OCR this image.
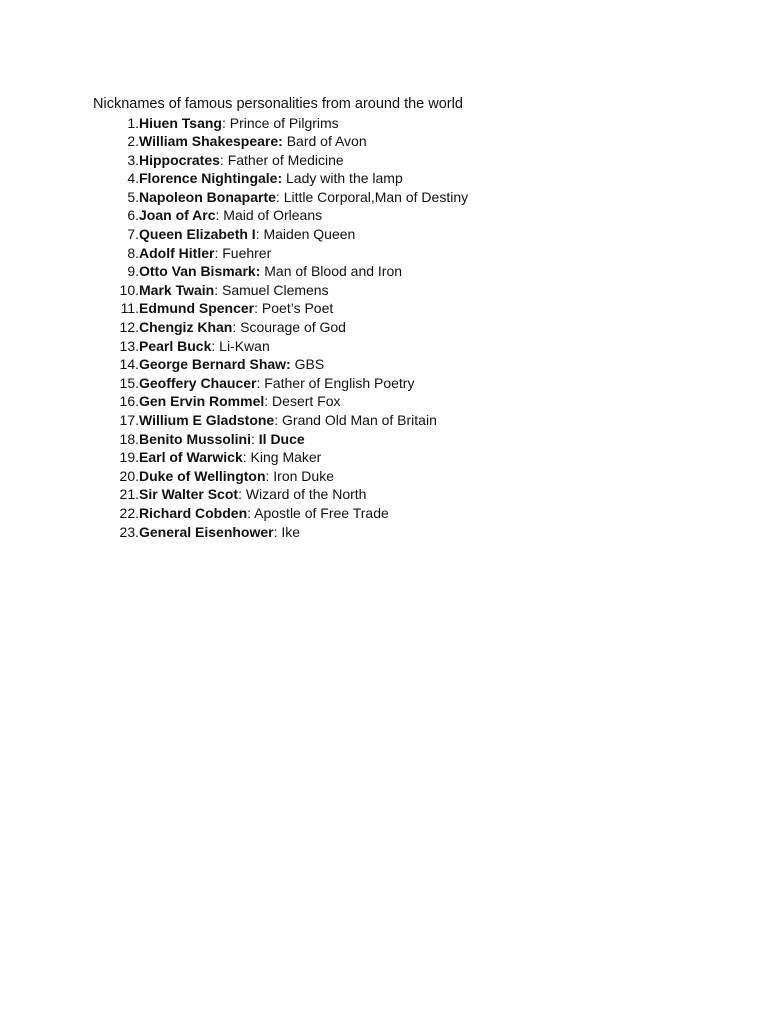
Nicknames of famous personalities from around the world
1. Hiuen Tsang: Prince of Pilgrims
2. William Shakespeare: Bard of Avon
3. Hippocrates: Father of Medicine
4. Florence Nightingale: Lady with the lamp
5. Napoleon Bonaparte: Little Corporal,Man of Destiny
6. Joan of Arc: Maid of Orleans
7. Queen Elizabeth I: Maiden Queen
8. Adolf Hitler: Fuehrer
9. Otto Van Bismark: Man of Blood and Iron
10. Mark Twain: Samuel Clemens
11. Edmund Spencer: Poet’s Poet
12. Chengiz Khan: Scourage of God
13. Pearl Buck: Li-Kwan
14. George Bernard Shaw: GBS
15. Geoffery Chaucer: Father of English Poetry
16. Gen Ervin Rommel: Desert Fox
17. Willium E Gladstone: Grand Old Man of Britain
18. Benito Mussolini: Il Duce
19. Earl of Warwick: King Maker
20. Duke of Wellington: Iron Duke
21. Sir Walter Scot: Wizard of the North
22. Richard Cobden: Apostle of Free Trade
23. General Eisenhower: Ike
